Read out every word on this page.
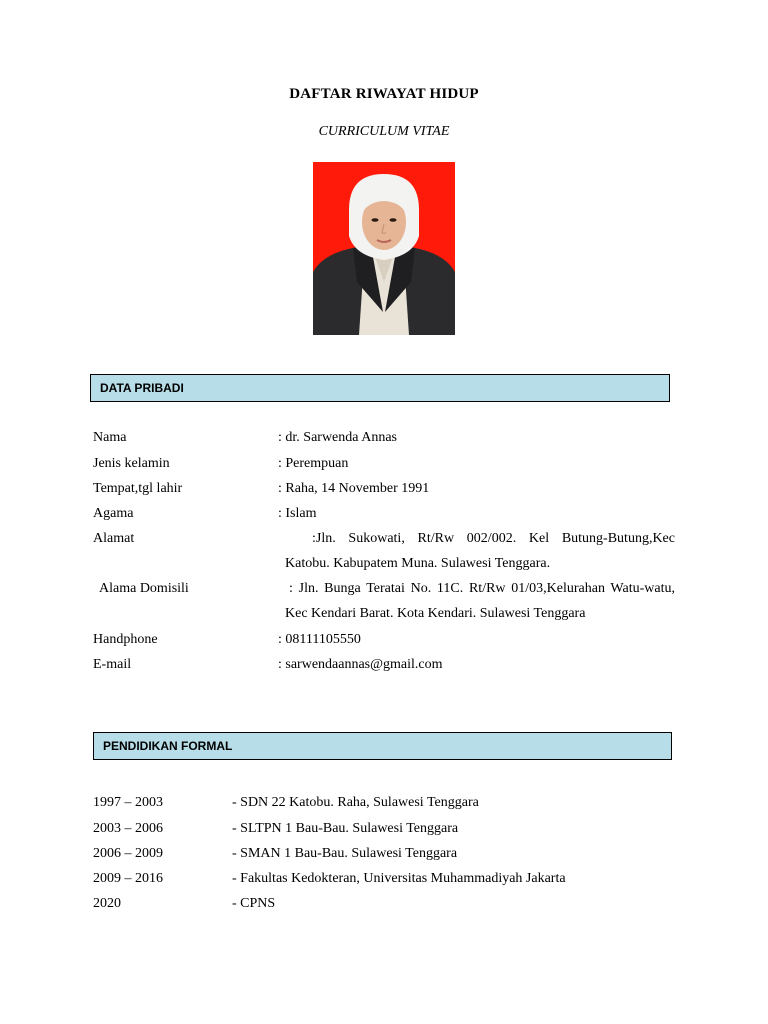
DAFTAR RIWAYAT HIDUP
CURRICULUM VITAE
DATA PRIBADI
Nama	: dr. Sarwenda Annas
Jenis kelamin	: Perempuan
Tempat,tgl lahir	: Raha, 14 November 1991
Agama	: Islam
Alamat	:Jln. Sukowati, Rt/Rw 002/002. Kel Butung-Butung,Kec Katobu. Kabupatem Muna. Sulawesi Tenggara.
Alama Domisili	: Jln. Bunga Teratai No. 11C. Rt/Rw 01/03,Kelurahan Watu-watu, Kec Kendari Barat. Kota Kendari. Sulawesi Tenggara
Handphone	: 08111105550
E-mail	: sarwendaannas@gmail.com
PENDIDIKAN FORMAL
1997 – 2003	- SDN 22 Katobu. Raha, Sulawesi Tenggara
2003 – 2006	- SLTPN 1 Bau-Bau. Sulawesi Tenggara
2006 – 2009	- SMAN 1 Bau-Bau. Sulawesi Tenggara
2009 – 2016	- Fakultas Kedokteran, Universitas Muhammadiyah Jakarta
2020	- CPNS
